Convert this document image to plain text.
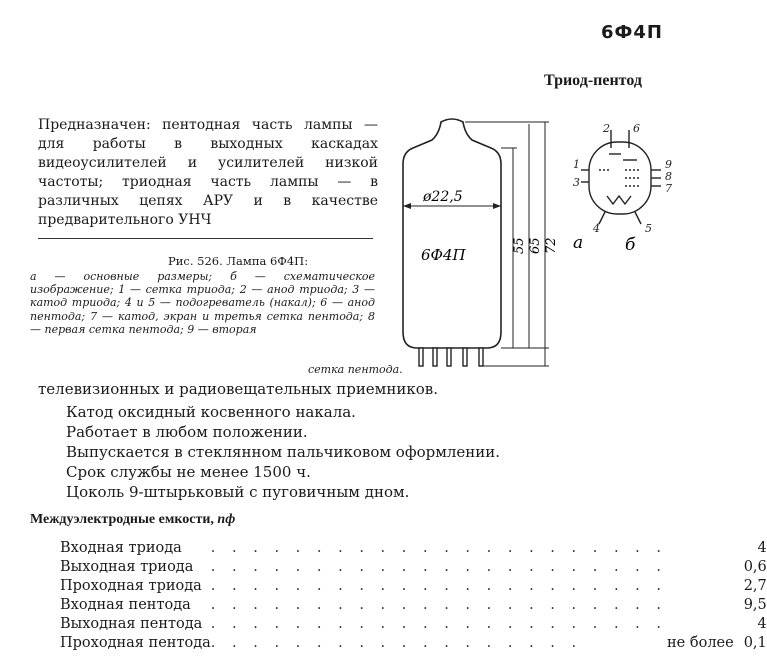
6Ф4П
Триод-пентод
Предназначен: пентодная часть лампы — для работы в выходных каскадах видеоусилителей и усилителей низкой частоты; триодная часть лампы — в различных цепях АРУ и в качестве предварительного УНЧ
ø22,5
6Ф4П
55 65 72 а
2 6
1
3
9
8
7
4	5
б
Рис. 526. Лампа 6Ф4П:
а — основные размеры; б — схематическое изображение; 1 — сетка триода; 2 — анод триода; 3 — катод триода; 4 и 5 — подогреватель (накал); 6 — анод пентода; 7 — катод, экран и третья сетка пентода; 8 — первая сетка пентода; 9 — вторая
сетка пентода.
телевизионных и радиовещательных приемников.
Катод оксидный косвенного накала.
Работает в любом положении.
Выпускается в стеклянном пальчиковом оформлении.
Срок службы не менее 1500 ч.
Цоколь 9-штырьковый с пуговичным дном.
Междуэлектродные емкости, пф
Входная триода	. . . . . . . . . . . . . . . . . . . . . .	4
Выходная триода	. . . . . . . . . . . . . . . . . . . . . .	0,6
Проходная триода	. . . . . . . . . . . . . . . . . . . . . .	2,7
Входная пентода	. . . . . . . . . . . . . . . . . . . . . .	9,5
Выходная пентода	. . . . . . . . . . . . . . . . . . . . . .	4
Проходная пентода	. . . . . . . . . . . . . . . . . .	не более 0,1
